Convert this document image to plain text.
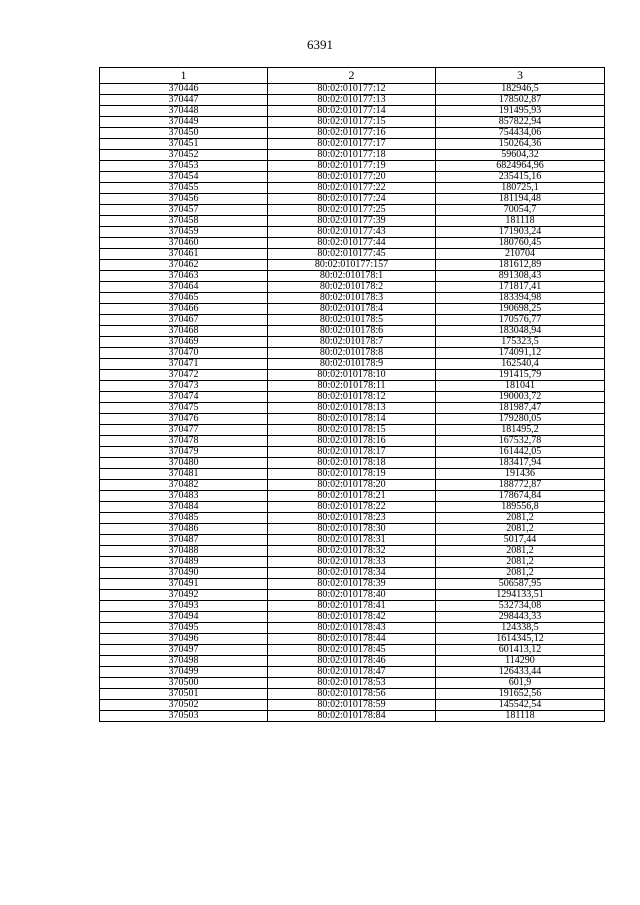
6391
1	2	3
370446	80:02:010177:12	182946,5
370447	80:02:010177:13	178502,87
370448	80:02:010177:14	191495,93
370449	80:02:010177:15	857822,94
370450	80:02:010177:16	754434,06
370451	80:02:010177:17	150264,36
370452	80:02:010177:18	59604,32
370453	80:02:010177:19	6824964,96
370454	80:02:010177:20	235415,16
370455	80:02:010177:22	180725,1
370456	80:02:010177:24	181194,48
370457	80:02:010177:25	70054,7
370458	80:02:010177:39	181118
370459	80:02:010177:43	171903,24
370460	80:02:010177:44	180760,45
370461	80:02:010177:45	210704
370462	80:02:010177:157	181612,89
370463	80:02:010178:1	891308,43
370464	80:02:010178:2	171817,41
370465	80:02:010178:3	183394,98
370466	80:02:010178:4	190698,25
370467	80:02:010178:5	170576,77
370468	80:02:010178:6	183048,94
370469	80:02:010178:7	175323,5
370470	80:02:010178:8	174091,12
370471	80:02:010178:9	162540,4
370472	80:02:010178:10	191415,79
370473	80:02:010178:11	181041
370474	80:02:010178:12	190003,72
370475	80:02:010178:13	181987,47
370476	80:02:010178:14	179280,05
370477	80:02:010178:15	181495,2
370478	80:02:010178:16	167532,78
370479	80:02:010178:17	161442,05
370480	80:02:010178:18	183417,94
370481	80:02:010178:19	191436
370482	80:02:010178:20	188772,87
370483	80:02:010178:21	178674,84
370484	80:02:010178:22	189556,8
370485	80:02:010178:23	2081,2
370486	80:02:010178:30	2081,2
370487	80:02:010178:31	5017,44
370488	80:02:010178:32	2081,2
370489	80:02:010178:33	2081,2
370490	80:02:010178:34	2081,2
370491	80:02:010178:39	506587,95
370492	80:02:010178:40	1294133,51
370493	80:02:010178:41	532734,08
370494	80:02:010178:42	298443,33
370495	80:02:010178:43	124338,5
370496	80:02:010178:44	1614345,12
370497	80:02:010178:45	601413,12
370498	80:02:010178:46	114290
370499	80:02:010178:47	126433,44
370500	80:02:010178:53	601,9
370501	80:02:010178:56	191652,56
370502	80:02:010178:59	145542,54
370503	80:02:010178:84	181118
